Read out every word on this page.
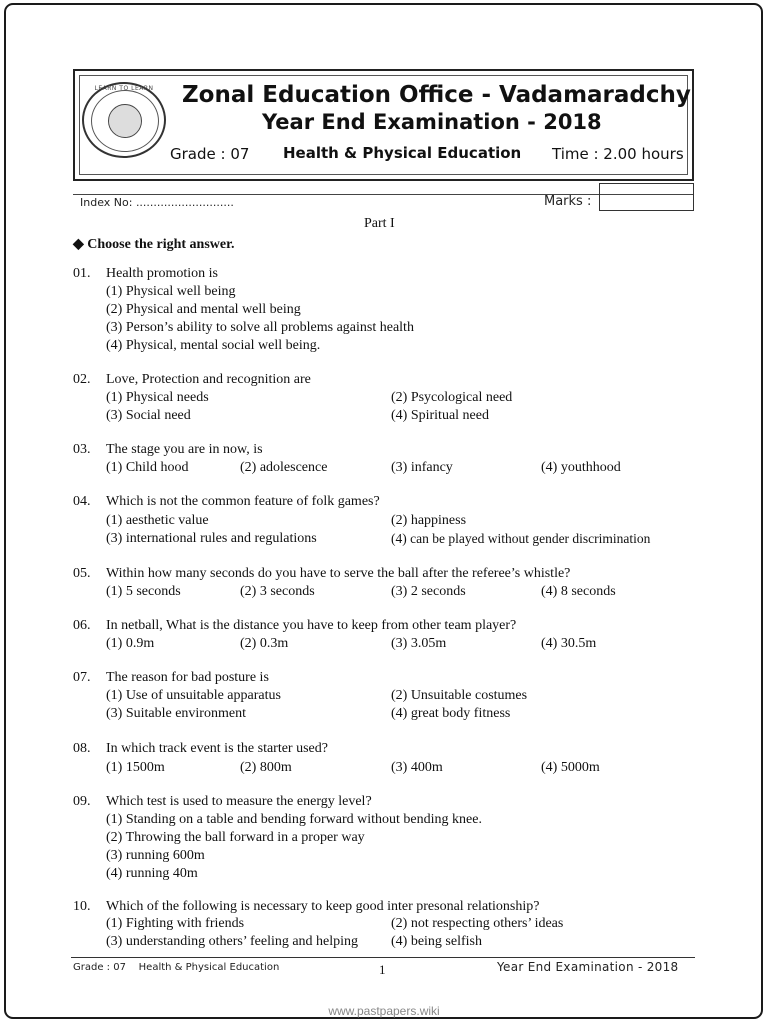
LEARN TO LEARN	Zonal Education Office - Vadamaradchy
Year End Examination - 2018
Grade : 07 Health & Physical Education Time : 2.00 hours
Index No: ............................	Marks :
Part I
◆ Choose the right answer.
01. Health promotion is
(1) Physical well being
(2) Physical and mental well being
(3) Person’s ability to solve all problems against health
(4) Physical, mental social well being.
02. Love, Protection and recognition are
(1) Physical needs	(2) Psycological need
(3) Social need	(4) Spiritual need
03. The stage you are in now, is
(1) Child hood	(2) adolescence	(3) infancy	(4) youthhood
04. Which is not the common feature of folk games?
(1) aesthetic value	(2) happiness
(3) international rules and regulations	(4) can be played without gender discrimination
05. Within how many seconds do you have to serve the ball after the referee’s whistle?
(1) 5 seconds	(2) 3 seconds	(3) 2 seconds	(4) 8 seconds
06. In netball, What is the distance you have to keep from other team player?
(1) 0.9m	(2) 0.3m	(3) 3.05m	(4) 30.5m
07. The reason for bad posture is
(1) Use of unsuitable apparatus	(2) Unsuitable costumes
(3) Suitable environment	(4) great body fitness
08. In which track event is the starter used?
(1) 1500m	(2) 800m	(3) 400m	(4) 5000m
09. Which test is used to measure the energy level?
(1) Standing on a table and bending forward without bending knee.
(2) Throwing the ball forward in a proper way
(3) running 600m
(4) running 40m
10. Which of the following is necessary to keep good inter presonal relationship?
(1) Fighting with friends	(2) not respecting others’ ideas
(3) understanding others’ feeling and helping (4) being selfish
Grade : 07    Health & Physical Education	1	Year End Examination - 2018
www.pastpapers.wiki
